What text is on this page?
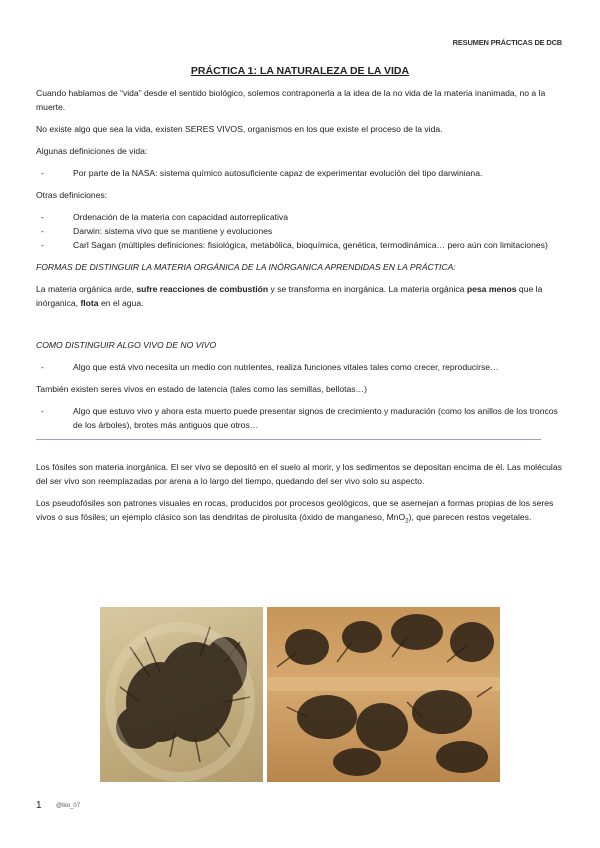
RESUMEN PRÁCTICAS DE DCB
PRÁCTICA 1: LA NATURALEZA DE LA VIDA

Cuando hablamos de “vida” desde el sentido biológico, solemos contraponerla a la idea de la no vida de la materia inanimada, no a la muerte.

No existe algo que sea la vida, existen SERES VIVOS, organismos en los que existe el proceso de la vida.

Algunas definiciones de vida:

- Por parte de la NASA: sistema químico autosuficiente capaz de experimentar evolución del tipo darwiniana.

Otras definiciones:

- Ordenación de la materia con capacidad autorreplicativa
- Darwin: sistema vivo que se mantiene y evoluciones
- Carl Sagan (múltiples definiciones: fisiológica, metabólica, bioquímica, genética, termodinámica… pero aún con limitaciones)

FORMAS DE DISTINGUIR LA MATERIA ORGÁNICA DE LA INÓRGANICA APRENDIDAS EN LA PRÁCTICA:

La materia orgánica arde, sufre reacciones de combustión y se transforma en inorgánica. La materia orgánica pesa menos que la inórganica, flota en el agua.

COMO DISTINGUIR ALGO VIVO DE NO VIVO

- Algo que está vivo necesita un medio con nutrientes, realiza funciones vitales tales como crecer, reproducirse…

También existen seres vivos en estado de latencia (tales como las semillas, bellotas…)

- Algo que estuvo vivo y ahora esta muerto puede presentar signos de crecimiento y maduración (como los anillos de los troncos de los árboles), brotes más antiguos que otros…

Los fósiles son materia inorgánica. El ser vivo se depositó en el suelo al morir, y los sedimentos se depositan encima de él. Las moléculas del ser vivo son reemplazadas por arena a lo largo del tiempo, quedando del ser vivo solo su aspecto.

Los pseudofósiles son patrones visuales en rocas, producidos por procesos geológicos, que se asemejan a formas propias de los seres vivos o sus fósiles; un ejemplo clásico son las dendritas de pirolusita (óxido de manganeso, MnO$_2$), que parecen restos vegetales.

1 @bio_07
